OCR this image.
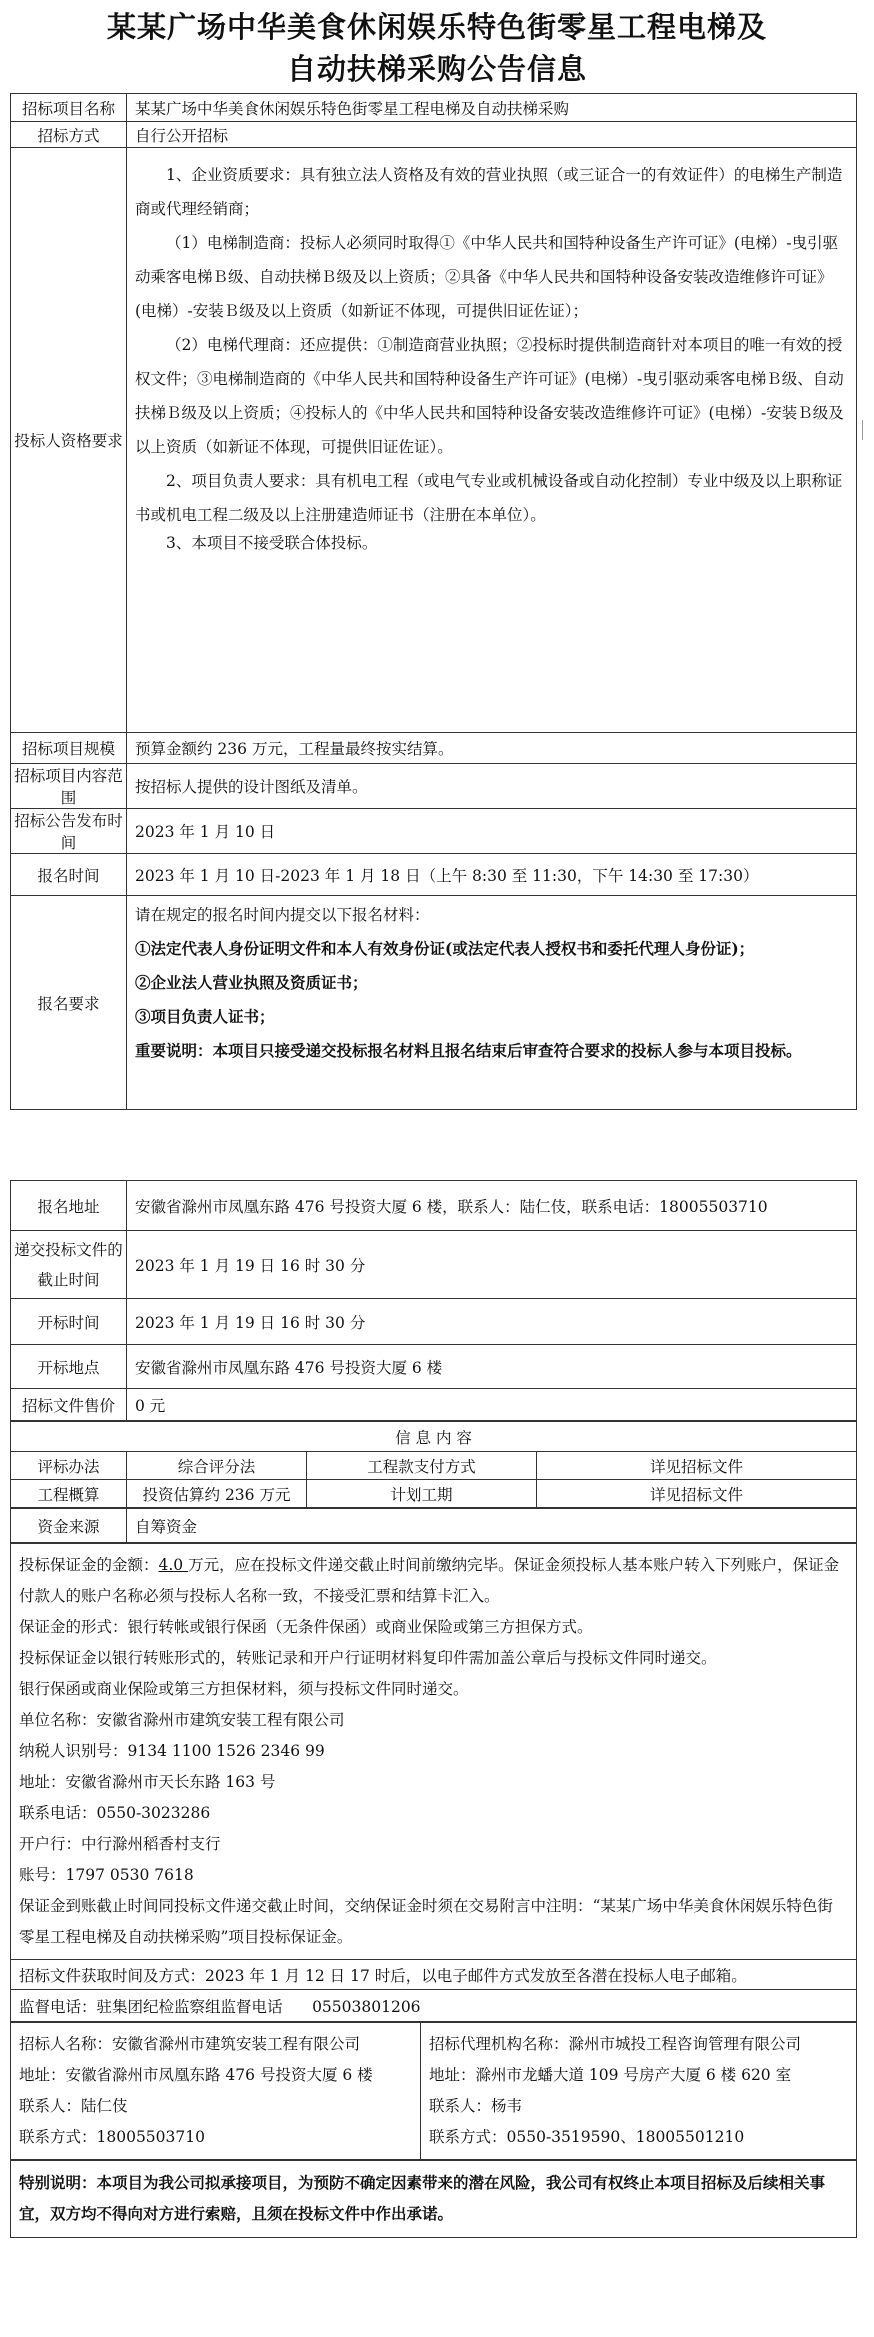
某某广场中华美食休闲娱乐特色街零星工程电梯及
自动扶梯采购公告信息
招标项目名称	某某广场中华美食休闲娱乐特色街零星工程电梯及自动扶梯采购
招标方式	自行公开招标
投标人资格要求	1、企业资质要求：具有独立法人资格及有效的营业执照（或三证合一的有效证件）的电梯生产制造商或代理经销商；
（1）电梯制造商：投标人必须同时取得①《中华人民共和国特种设备生产许可证》(电梯）-曳引驱动乘客电梯Ｂ级、自动扶梯Ｂ级及以上资质；②具备《中华人民共和国特种设备安装改造维修许可证》(电梯）-安装Ｂ级及以上资质（如新证不体现，可提供旧证佐证）；
（2）电梯代理商：还应提供：①制造商营业执照；②投标时提供制造商针对本项目的唯一有效的授权文件；③电梯制造商的《中华人民共和国特种设备生产许可证》(电梯）-曳引驱动乘客电梯Ｂ级、自动扶梯Ｂ级及以上资质；④投标人的《中华人民共和国特种设备安装改造维修许可证》(电梯）-安装Ｂ级及以上资质（如新证不体现，可提供旧证佐证）。
2、项目负责人要求：具有机电工程（或电气专业或机械设备或自动化控制）专业中级及以上职称证书或机电工程二级及以上注册建造师证书（注册在本单位）。
3、本项目不接受联合体投标。

招标项目规模	预算金额约 236 万元，工程量最终按实结算。
招标项目内容范围	按招标人提供的设计图纸及清单。
招标公告发布时间	2023 年 1 月 10 日
报名时间	2023 年 1 月 10 日-2023 年 1 月 18 日（上午 8:30 至 11:30，下午 14:30 至 17:30）
报名要求	请在规定的报名时间内提交以下报名材料：
①法定代表人身份证明文件和本人有效身份证(或法定代表人授权书和委托代理人身份证)；
②企业法人营业执照及资质证书；
③项目负责人证书；
重要说明：本项目只接受递交投标报名材料且报名结束后审查符合要求的投标人参与本项目投标。
报名地址	安徽省滁州市凤凰东路 476 号投资大厦 6 楼，联系人：陆仁伎，联系电话：18005503710
递交投标文件的截止时间	2023 年 1 月 19 日 16 时 30 分
开标时间	2023 年 1 月 19 日 16 时 30 分
开标地点	安徽省滁州市凤凰东路 476 号投资大厦 6 楼
招标文件售价	0 元
信 息 内 容			
评标办法	综合评分法	工程款支付方式	详见招标文件
工程概算	投资估算约 236 万元	计划工期	详见招标文件
资金来源	自筹资金
投标保证金的金额：4.0 万元，应在投标文件递交截止时间前缴纳完毕。保证金须投标人基本账户转入下列账户，保证金付款人的账户名称必须与投标人名称一致，不接受汇票和结算卡汇入。
保证金的形式：银行转帐或银行保函（无条件保函）或商业保险或第三方担保方式。
投标保证金以银行转账形式的，转账记录和开户行证明材料复印件需加盖公章后与投标文件同时递交。
银行保函或商业保险或第三方担保材料，须与投标文件同时递交。
单位名称：安徽省滁州市建筑安装工程有限公司
纳税人识别号：9134 1100 1526 2346 99
地址：安徽省滁州市天长东路 163 号
联系电话：0550-3023286
开户行：中行滁州稻香村支行
账号：1797 0530 7618
保证金到账截止时间同投标文件递交截止时间，交纳保证金时须在交易附言中注明：“某某广场中华美食休闲娱乐特色街零星工程电梯及自动扶梯采购”项目投标保证金。

招标文件获取时间及方式：2023 年 1 月 12 日 17 时后，以电子邮件方式发放至各潜在投标人电子邮箱。
监督电话：驻集团纪检监察组监督电话      05503801206
招标人名称：安徽省滁州市建筑安装工程有限公司
地址：安徽省滁州市凤凰东路 476 号投资大厦 6 楼
联系人：陆仁伎
联系方式：18005503710

招标代理机构名称：滁州市城投工程咨询管理有限公司
地址：滁州市龙蟠大道 109 号房产大厦 6 楼 620 室
联系人：杨韦
联系方式：0550-3519590、18005501210
特别说明：本项目为我公司拟承接项目，为预防不确定因素带来的潜在风险，我公司有权终止本项目招标及后续相关事宜，双方均不得向对方进行索赔，且须在投标文件中作出承诺。
